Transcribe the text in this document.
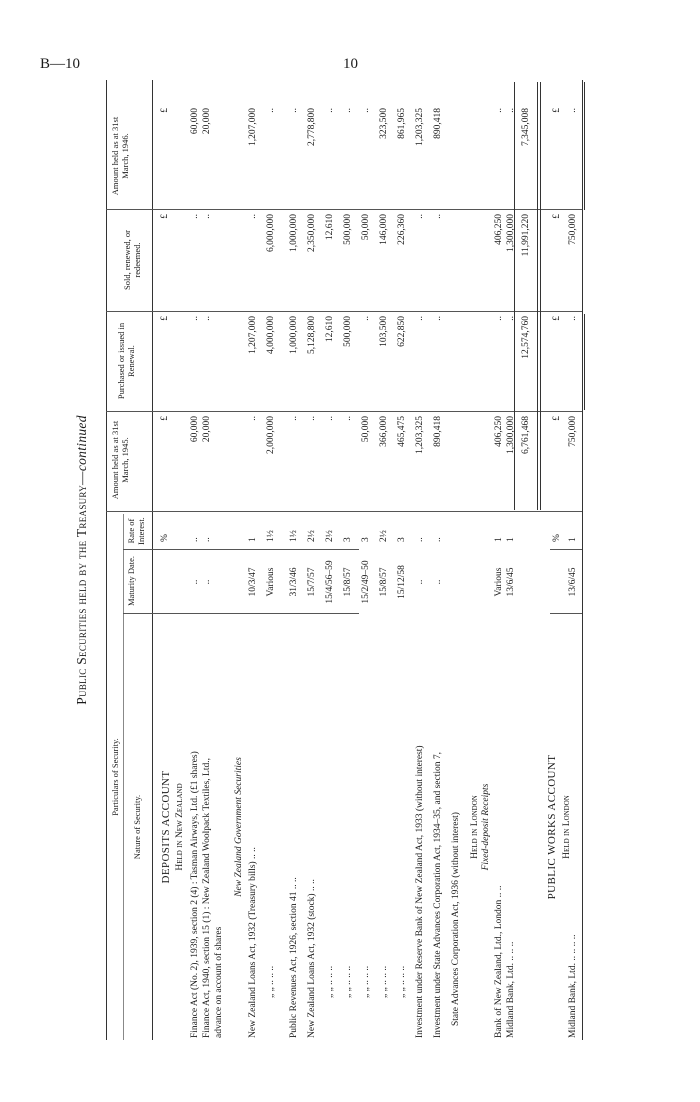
B—10	10
Public Securities held by the Treasury—continued
Particulars of Security.
Nature of Security.
Maturity Date.
Rate of Interest.
Amount held as at 31st March, 1945.
Purchased or issued in Renewal.
Sold, renewed, or redeemed.
Amount held as at 31st March, 1946.
DEPOSITS ACCOUNT
%
£
£
£
£
Held in New Zealand Finance Act (No. 2), 1939, section 2 (4) : Tasman Airways, Ltd. (£1 shares)
..
..
60,000
..
..
60,000
Finance Act, 1940, section 15 (1) : New Zealand Woolpack Textiles, Ltd.,
..
..
20,000
..
..
20,000
advance on account of shares
New Zealand Government Securities
New Zealand Loans Act, 1932 (Treasury bills) .. ..
10/3/47
1
..
1,207,000
..
1,207,000
„ „ .. .. ..
Various
1½
2,000,000
4,000,000
6,000,000
..
Public Revenues Act, 1926, section 41 .. ..
31/3/46
1½
..
1,000,000
1,000,000
..
New Zealand Loans Act, 1932 (stock) .. ..
15/7/57
2½
..
5,128,800
2,350,000
2,778,800
„ „ .. .. ..
15/4/56–59
2½
..
12,610
12,610
..
„ „ .. .. ..
15/8/57
3
..
500,000
500,000
..
„ „ .. .. ..
15/2/49–50
3
50,000
..
50,000
..
„ „ .. .. ..
15/8/57
2½
366,000
103,500
146,000
323,500
„ „ .. .. ..
15/12/58
3
465,475
622,850
226,360
861,965
Investment under Reserve Bank of New Zealand Act, 1933 (without interest)
..
..
1,203,325
..
..
1,203,325
Investment under State Advances Corporation Act, 1934–35, and section 7,
..
..
890,418
..
..
890,418
State Advances Corporation Act, 1936 (without interest) Held in London Fixed-deposit Receipts
Bank of New Zealand, Ltd., London .. ..
Various
1
406,250
..
406,250
..
Midland Bank, Ltd. .. .. ..
13/6/45
1
1,300,000
..
1,300,000
..
6,761,468
12,574,760
11,991,220
7,345,008
PUBLIC WORKS ACCOUNT Held in London
%
£
£
£
£
Midland Bank, Ltd. .. .. .. ..
13/6/45
1
750,000
..
750,000
..
